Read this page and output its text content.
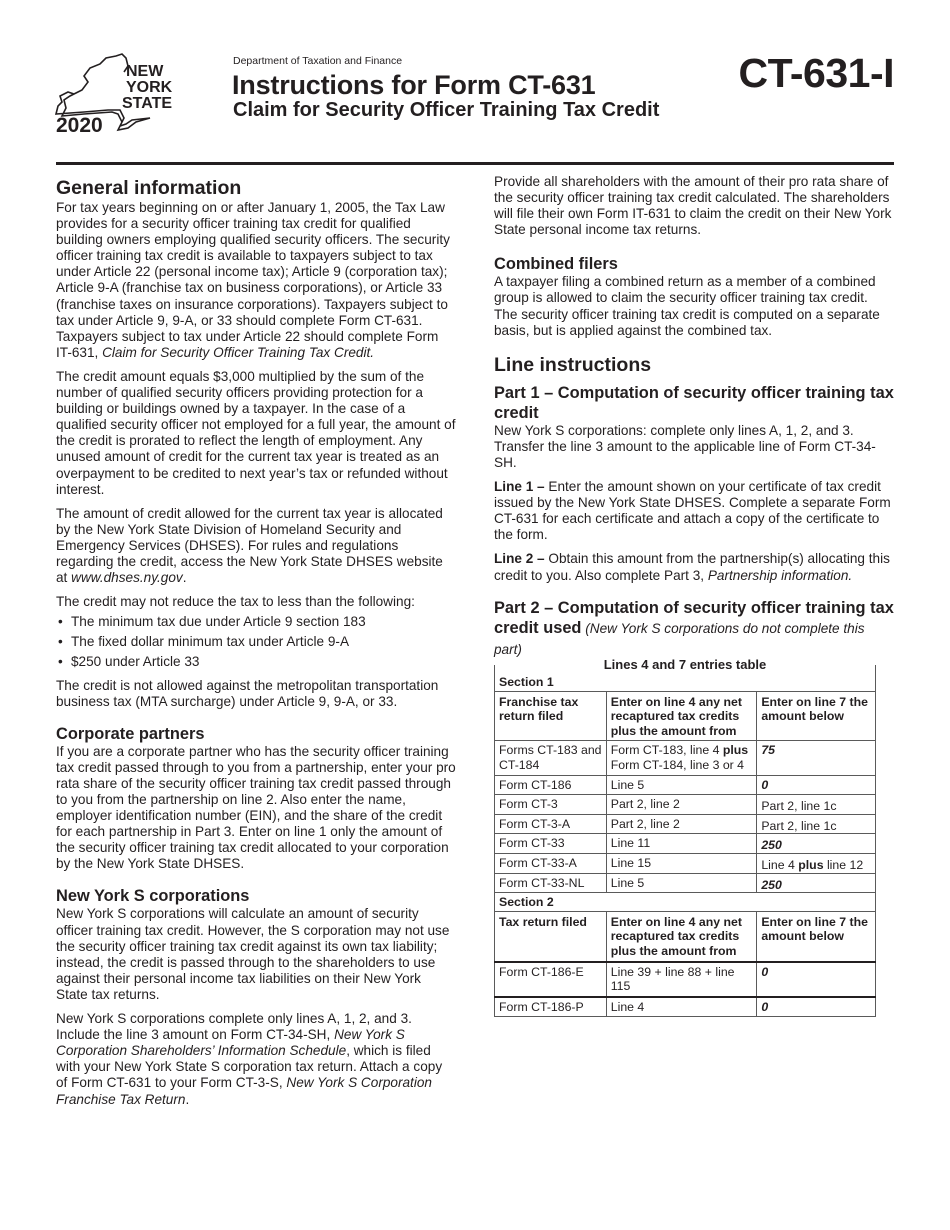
NEW
YORK
STATE
2020
Department of Taxation and Finance
Instructions for Form CT-631
Claim for Security Officer Training Tax Credit
CT-631-I
General information

For tax years beginning on or after January 1, 2005, the Tax Law provides for a security officer training tax credit for qualified building owners employing qualified security officers. The security officer training tax credit is available to taxpayers subject to tax under Article 22 (personal income tax); Article 9 (corporation tax); Article 9-A (franchise tax on business corporations), or Article 33 (franchise taxes on insurance corporations). Taxpayers subject to tax under Article 9, 9-A, or 33 should complete Form CT-631. Taxpayers subject to tax under Article 22 should complete Form IT-631, Claim for Security Officer Training Tax Credit.

The credit amount equals $3,000 multiplied by the sum of the number of qualified security officers providing protection for a building or buildings owned by a taxpayer. In the case of a qualified security officer not employed for a full year, the amount of the credit is prorated to reflect the length of employment. Any unused amount of credit for the current tax year is treated as an overpayment to be credited to next year’s tax or refunded without interest.

The amount of credit allowed for the current tax year is allocated by the New York State Division of Homeland Security and Emergency Services (DHSES). For rules and regulations regarding the credit, access the New York State DHSES website at www.dhses.ny.gov.

The credit may not reduce the tax to less than the following:

• The minimum tax due under Article 9 section 183
• The fixed dollar minimum tax under Article 9-A
• $250 under Article 33

The credit is not allowed against the metropolitan transportation business tax (MTA surcharge) under Article 9, 9-A, or 33.

Corporate partners

If you are a corporate partner who has the security officer training tax credit passed through to you from a partnership, enter your pro rata share of the security officer training tax credit passed through to you from the partnership on line 2. Also enter the name, employer identification number (EIN), and the share of the credit for each partnership in Part 3. Enter on line 1 only the amount of the security officer training tax credit allocated to your corporation by the New York State DHSES.

New York S corporations

New York S corporations will calculate an amount of security officer training tax credit. However, the S corporation may not use the security officer training tax credit against its own tax liability; instead, the credit is passed through to the shareholders to use against their personal income tax liabilities on their New York State tax returns.

New York S corporations complete only lines A, 1, 2, and 3. Include the line 3 amount on Form CT-34-SH, New York S Corporation Shareholders’ Information Schedule, which is filed with your New York State S corporation tax return. Attach a copy of Form CT-631 to your Form CT-3-S, New York S Corporation Franchise Tax Return.

Provide all shareholders with the amount of their pro rata share of the security officer training tax credit calculated. The shareholders will file their own Form IT-631 to claim the credit on their New York State personal income tax returns.

Combined filers

A taxpayer filing a combined return as a member of a combined group is allowed to claim the security officer training tax credit. The security officer training tax credit is computed on a separate basis, but is applied against the combined tax.

Line instructions
Part 1 – Computation of security officer training tax credit

New York S corporations: complete only lines A, 1, 2, and 3. Transfer the line 3 amount to the applicable line of Form CT-34-SH.

Line 1 – Enter the amount shown on your certificate of tax credit issued by the New York State DHSES. Complete a separate Form CT-631 for each certificate and attach a copy of the certificate to the form.

Line 2 – Obtain this amount from the partnership(s) allocating this credit to you. Also complete Part 3, Partnership information.

Part 2 – Computation of security officer training tax credit used (New York S corporations do not complete this part)
Section 1		
Franchise tax return filed	Enter on line 4 any net recaptured tax credits plus the amount from	Enter on line 7 the amount below
Forms CT-183 and CT-184	Form CT-183, line 4 plus Form CT-184, line 3 or 4	75
Form CT-186	Line 5	0
Form CT-3	Part 2, line 2	Part 2, line 1c
Form CT-3-A	Part 2, line 2	Part 2, line 1c
Form CT-33	Line 11	250
Form CT-33-A	Line 15	Line 4 plus line 12
Form CT-33-NL	Line 5	250
Section 2		
Tax return filed	Enter on line 4 any net recaptured tax credits plus the amount from	Enter on line 7 the amount below
Form CT-186-E	Line 39 + line 88 + line 115	0
Form CT-186-P	Line 4	0
Lines 4 and 7 entries table
